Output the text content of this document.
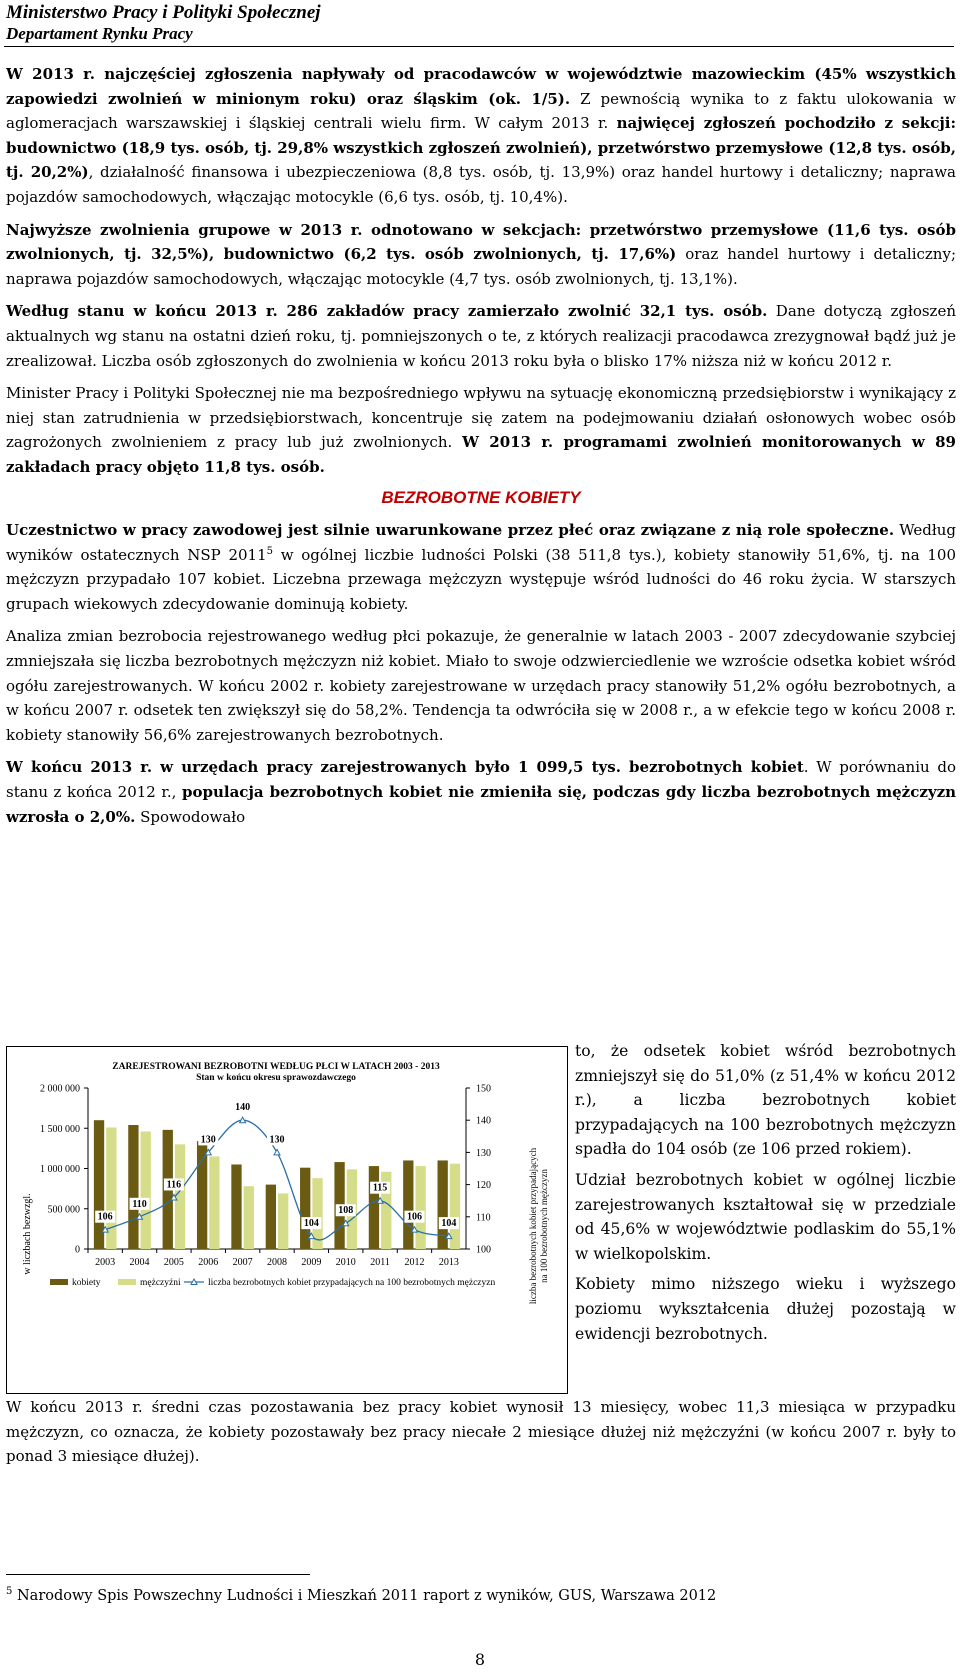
Ministerstwo Pracy i Polityki Społecznej
Departament Rynku Pracy

W 2013 r. najczęściej zgłoszenia napływały od pracodawców w województwie mazowieckim (45% wszystkich zapowiedzi zwolnień w minionym roku) oraz śląskim (ok. 1/5). Z pewnością wynika to z faktu ulokowania w aglomeracjach warszawskiej i śląskiej centrali wielu firm. W całym 2013 r. najwięcej zgłoszeń pochodziło z sekcji: budownictwo (18,9 tys. osób, tj. 29,8% wszystkich zgłoszeń zwolnień), przetwórstwo przemysłowe (12,8 tys. osób, tj. 20,2%), działalność finansowa i ubezpieczeniowa (8,8 tys. osób, tj. 13,9%) oraz handel hurtowy i detaliczny; naprawa pojazdów samochodowych, włączając motocykle (6,6 tys. osób, tj. 10,4%).

Najwyższe zwolnienia grupowe w 2013 r. odnotowano w sekcjach: przetwórstwo przemysłowe (11,6 tys. osób zwolnionych, tj. 32,5%), budownictwo (6,2 tys. osób zwolnionych, tj. 17,6%) oraz handel hurtowy i detaliczny; naprawa pojazdów samochodowych, włączając motocykle (4,7 tys. osób zwolnionych, tj. 13,1%).

Według stanu w końcu 2013 r. 286 zakładów pracy zamierzało zwolnić 32,1 tys. osób. Dane dotyczą zgłoszeń aktualnych wg stanu na ostatni dzień roku, tj. pomniejszonych o te, z których realizacji pracodawca zrezygnował bądź już je zrealizował. Liczba osób zgłoszonych do zwolnienia w końcu 2013 roku była o blisko 17% niższa niż w końcu 2012 r.

Minister Pracy i Polityki Społecznej nie ma bezpośredniego wpływu na sytuację ekonomiczną przedsiębiorstw i wynikający z niej stan zatrudnienia w przedsiębiorstwach, koncentruje się zatem na podejmowaniu działań osłonowych wobec osób zagrożonych zwolnieniem z pracy lub już zwolnionych. W 2013 r. programami zwolnień monitorowanych w 89 zakładach pracy objęto 11,8 tys. osób.

BEZROBOTNE KOBIETY

Uczestnictwo w pracy zawodowej jest silnie uwarunkowane przez płeć oraz związane z nią role społeczne. Według wyników ostatecznych NSP 2011$^5$ w ogólnej liczbie ludności Polski (38 511,8 tys.), kobiety stanowiły 51,6%, tj. na 100 mężczyzn przypadało 107 kobiet. Liczebna przewaga mężczyzn występuje wśród ludności do 46 roku życia. W starszych grupach wiekowych zdecydowanie dominują kobiety.

Analiza zmian bezrobocia rejestrowanego według płci pokazuje, że generalnie w latach 2003 - 2007 zdecydowanie szybciej zmniejszała się liczba bezrobotnych mężczyzn niż kobiet. Miało to swoje odzwierciedlenie we wzroście odsetka kobiet wśród ogółu zarejestrowanych. W końcu 2002 r. kobiety zarejestrowane w urzędach pracy stanowiły 51,2% ogółu bezrobotnych, a w końcu 2007 r. odsetek ten zwiększył się do 58,2%. Tendencja ta odwróciła się w 2008 r., a w efekcie tego w końcu 2008 r. kobiety stanowiły 56,6% zarejestrowanych bezrobotnych.

W końcu 2013 r. w urzędach pracy zarejestrowanych było 1 099,5 tys. bezrobotnych kobiet. W porównaniu do stanu z końca 2012 r., populacja bezrobotnych kobiet nie zmieniła się, podczas gdy liczba bezrobotnych mężczyzn wzrosła o 2,0%. Spowodowało

to, że odsetek kobiet wśród bezrobotnych zmniejszył się do 51,0% (z 51,4% w końcu 2012 r.), a liczba bezrobotnych kobiet przypadających na 100 bezrobotnych mężczyzn spadła do 104 osób (ze 106 przed rokiem).

Udział bezrobotnych kobiet w ogólnej liczbie zarejestrowanych kształtował się w przedziale od 45,6% w województwie podlaskim do 55,1% w wielkopolskim.

Kobiety mimo niższego wieku i wyższego poziomu wykształcenia dłużej pozostają w ewidencji bezrobotnych.

ZAREJESTROWANI BEZROBOTNI WEDŁUG PŁCI W LATACH 2003 - 2013
Stan w końcu okresu sprawozdawczego
w liczbach bezwzgl.	liczba bezrobotnych kobiet przypadających na 100 bezrobotnych mężczyzn
0
500 000
1 000 000
1 500 000
2 000 000
100
110
120
130
140
150
2003 2004 2005 2006 2007 2008 2009 2010 2011 2012 2013
106
110
116
130
140
130
104
108
115
106
104
kobiety	mężczyźni	liczba bezrobotnych kobiet przypadających na 100 bezrobotnych mężczyzn

W końcu 2013 r. średni czas pozostawania bez pracy kobiet wynosił 13 miesięcy, wobec 11,3 miesiąca w przypadku mężczyzn, co oznacza, że kobiety pozostawały bez pracy niecałe 2 miesiące dłużej niż mężczyźni (w końcu 2007 r. były to ponad 3 miesiące dłużej).

$^5$ Narodowy Spis Powszechny Ludności i Mieszkań 2011 raport z wyników, GUS, Warszawa 2012
8
